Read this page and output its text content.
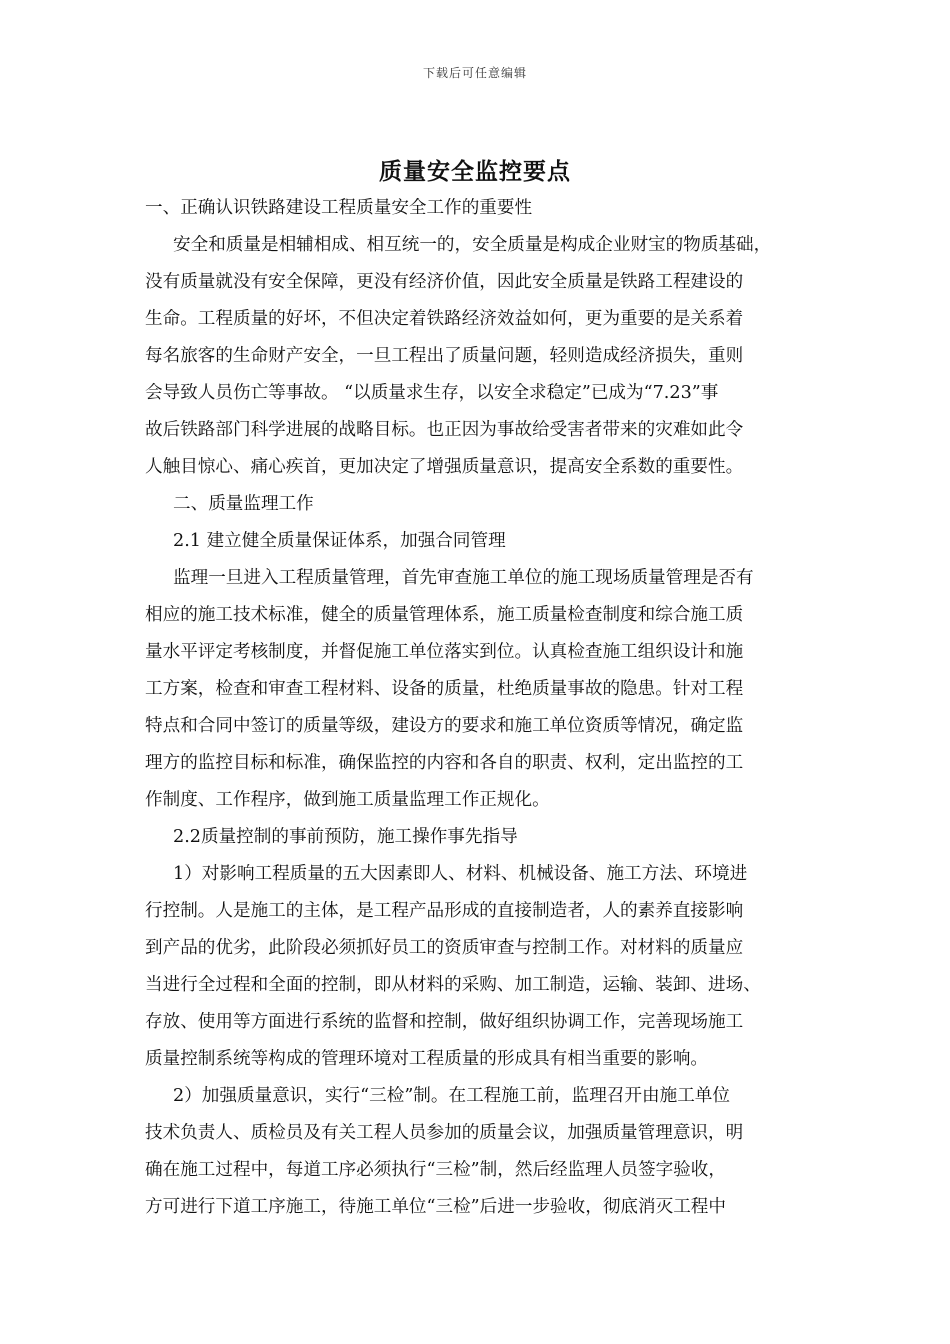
下载后可任意编辑
质量安全监控要点
一、正确认识铁路建设工程质量安全工作的重要性
安全和质量是相辅相成、相互统一的，安全质量是构成企业财宝的物质基础，
没有质量就没有安全保障，更没有经济价值，因此安全质量是铁路工程建设的
生命。工程质量的好坏，不但决定着铁路经济效益如何，更为重要的是关系着
每名旅客的生命财产安全，一旦工程出了质量问题，轻则造成经济损失，重则
会导致人员伤亡等事故。 “以质量求生存，以安全求稳定”已成为“7.23”事
故后铁路部门科学进展的战略目标。也正因为事故给受害者带来的灾难如此令
人触目惊心、痛心疾首，更加决定了增强质量意识，提高安全系数的重要性。
二、质量监理工作
2.1 建立健全质量保证体系，加强合同管理
监理一旦进入工程质量管理，首先审查施工单位的施工现场质量管理是否有
相应的施工技术标准，健全的质量管理体系，施工质量检查制度和综合施工质
量水平评定考核制度，并督促施工单位落实到位。认真检查施工组织设计和施
工方案，检查和审查工程材料、设备的质量，杜绝质量事故的隐患。针对工程
特点和合同中签订的质量等级，建设方的要求和施工单位资质等情况，确定监
理方的监控目标和标准，确保监控的内容和各自的职责、权利，定出监控的工
作制度、工作程序，做到施工质量监理工作正规化。
2.2质量控制的事前预防，施工操作事先指导
1）对影响工程质量的五大因素即人、材料、机械设备、施工方法、环境进
行控制。人是施工的主体，是工程产品形成的直接制造者，人的素养直接影响
到产品的优劣，此阶段必须抓好员工的资质审查与控制工作。对材料的质量应
当进行全过程和全面的控制，即从材料的采购、加工制造，运输、装卸、进场、
存放、使用等方面进行系统的监督和控制，做好组织协调工作，完善现场施工
质量控制系统等构成的管理环境对工程质量的形成具有相当重要的影响。
2）加强质量意识，实行“三检”制。在工程施工前，监理召开由施工单位
技术负责人、质检员及有关工程人员参加的质量会议，加强质量管理意识，明
确在施工过程中，每道工序必须执行“三检”制，然后经监理人员签字验收，
方可进行下道工序施工，待施工单位“三检”后进一步验收，彻底消灭工程中
